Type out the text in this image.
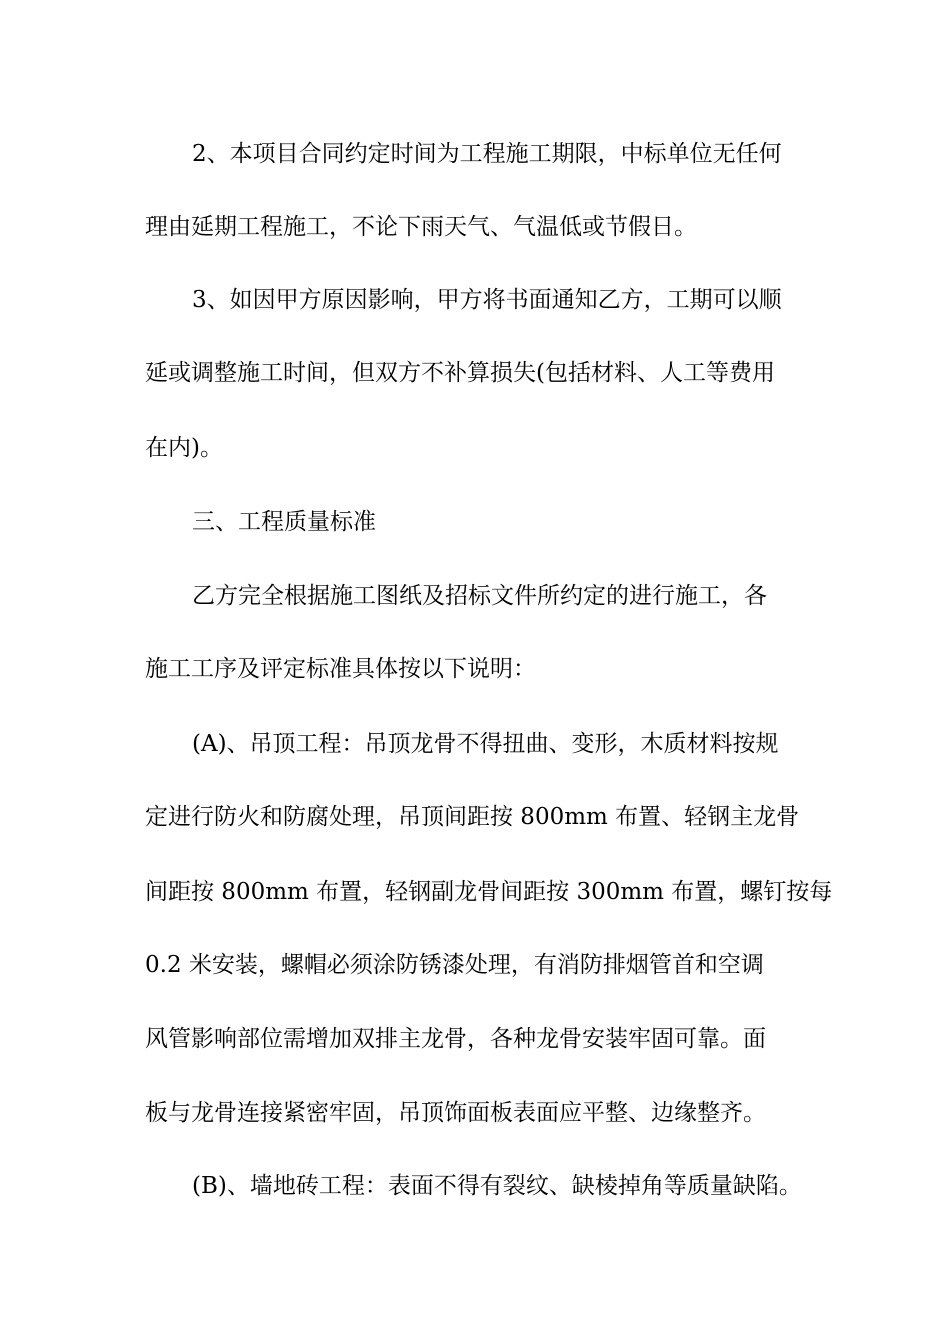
2、本项目合同约定时间为工程施工期限，中标单位无任何
理由延期工程施工，不论下雨天气、气温低或节假日。
3、如因甲方原因影响，甲方将书面通知乙方，工期可以顺
延或调整施工时间，但双方不补算损失(包括材料、人工等费用
在内)。
三、工程质量标准
乙方完全根据施工图纸及招标文件所约定的进行施工，各
施工工序及评定标准具体按以下说明：
(A)、吊顶工程：吊顶龙骨不得扭曲、变形，木质材料按规
定进行防火和防腐处理，吊顶间距按 800mm 布置、轻钢主龙骨
间距按 800mm 布置，轻钢副龙骨间距按 300mm 布置，螺钉按每
0.2 米安装，螺帽必须涂防锈漆处理，有消防排烟管首和空调
风管影响部位需增加双排主龙骨，各种龙骨安装牢固可靠。面
板与龙骨连接紧密牢固，吊顶饰面板表面应平整、边缘整齐。
(B)、墙地砖工程：表面不得有裂纹、缺棱掉角等质量缺陷。
